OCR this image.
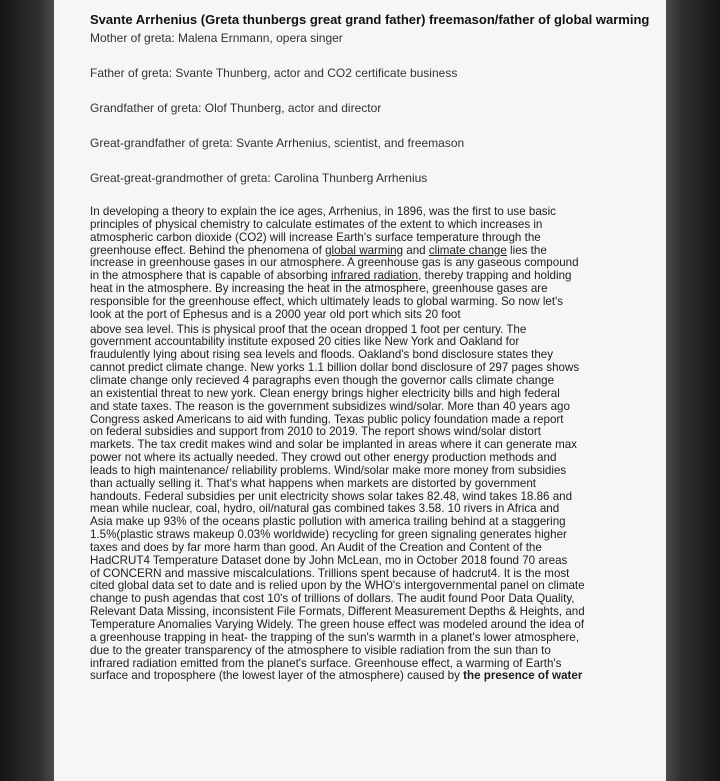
Svante Arrhenius (Greta thunbergs great grand father) freemason/father of global warming

Mother of greta: Malena Ernmann, opera singer

Father of greta: Svante Thunberg, actor and CO2 certificate business

Grandfather of greta: Olof Thunberg, actor and director

Great-grandfather of greta: Svante Arrhenius, scientist, and freemason

Great-great-grandmother of greta: Carolina Thunberg Arrhenius

In developing a theory to explain the ice ages, Arrhenius, in 1896, was the first to use basic
principles of physical chemistry to calculate estimates of the extent to which increases in
atmospheric carbon dioxide (CO2) will increase Earth's surface temperature through the
greenhouse effect. Behind the phenomena of global warming and climate change lies the
increase in greenhouse gases in our atmosphere. A greenhouse gas is any gaseous compound
in the atmosphere that is capable of absorbing infrared radiation, thereby trapping and holding
heat in the atmosphere. By increasing the heat in the atmosphere, greenhouse gases are
responsible for the greenhouse effect, which ultimately leads to global warming. So now let's
look at the port of Ephesus and is a 2000 year old port which sits 20 foot
above sea level. This is physical proof that the ocean dropped 1 foot per century. The
government accountability institute exposed 20 cities like New York and Oakland for
fraudulently lying about rising sea levels and floods. Oakland's bond disclosure states they
cannot predict climate change. New yorks 1.1 billion dollar bond disclosure of 297 pages shows
climate change only recieved 4 paragraphs even though the governor calls climate change
an existential threat to new york. Clean energy brings higher electricity bills and high federal
and state taxes. The reason is the government subsidizes wind/solar. More than 40 years ago
Congress asked Americans to aid with funding. Texas public policy foundation made a report
on federal subsidies and support from 2010 to 2019. The report shows wind/solar distort
markets. The tax credit makes wind and solar be implanted in areas where it can generate max
power not where its actually needed. They crowd out other energy production methods and
leads to high maintenance/ reliability problems. Wind/solar make more money from subsidies
than actually selling it. That's what happens when markets are distorted by government
handouts. Federal subsidies per unit electricity shows solar takes 82.48, wind takes 18.86 and
mean while nuclear, coal, hydro, oil/natural gas combined takes 3.58. 10 rivers in Africa and
Asia make up 93% of the oceans plastic pollution with america trailing behind at a staggering
1.5%(plastic straws makeup 0.03% worldwide) recycling for green signaling generates higher
taxes and does by far more harm than good. An Audit of the Creation and Content of the
HadCRUT4 Temperature Dataset done by John McLean, mo in October 2018 found 70 areas
of CONCERN and massive miscalculations. Trillions spent because of hadcrut4. It is the most
cited global data set to date and is relied upon by the WHO's intergovernmental panel on climate
change to push agendas that cost 10's of trillions of dollars. The audit found Poor Data Quality,
Relevant Data Missing, inconsistent File Formats, Different Measurement Depths & Heights, and
Temperature Anomalies Varying Widely. The green house effect was modeled around the idea of
a greenhouse trapping in heat- the trapping of the sun's warmth in a planet's lower atmosphere,
due to the greater transparency of the atmosphere to visible radiation from the sun than to
infrared radiation emitted from the planet's surface. Greenhouse effect, a warming of Earth's
surface and troposphere (the lowest layer of the atmosphere) caused by the presence of water
